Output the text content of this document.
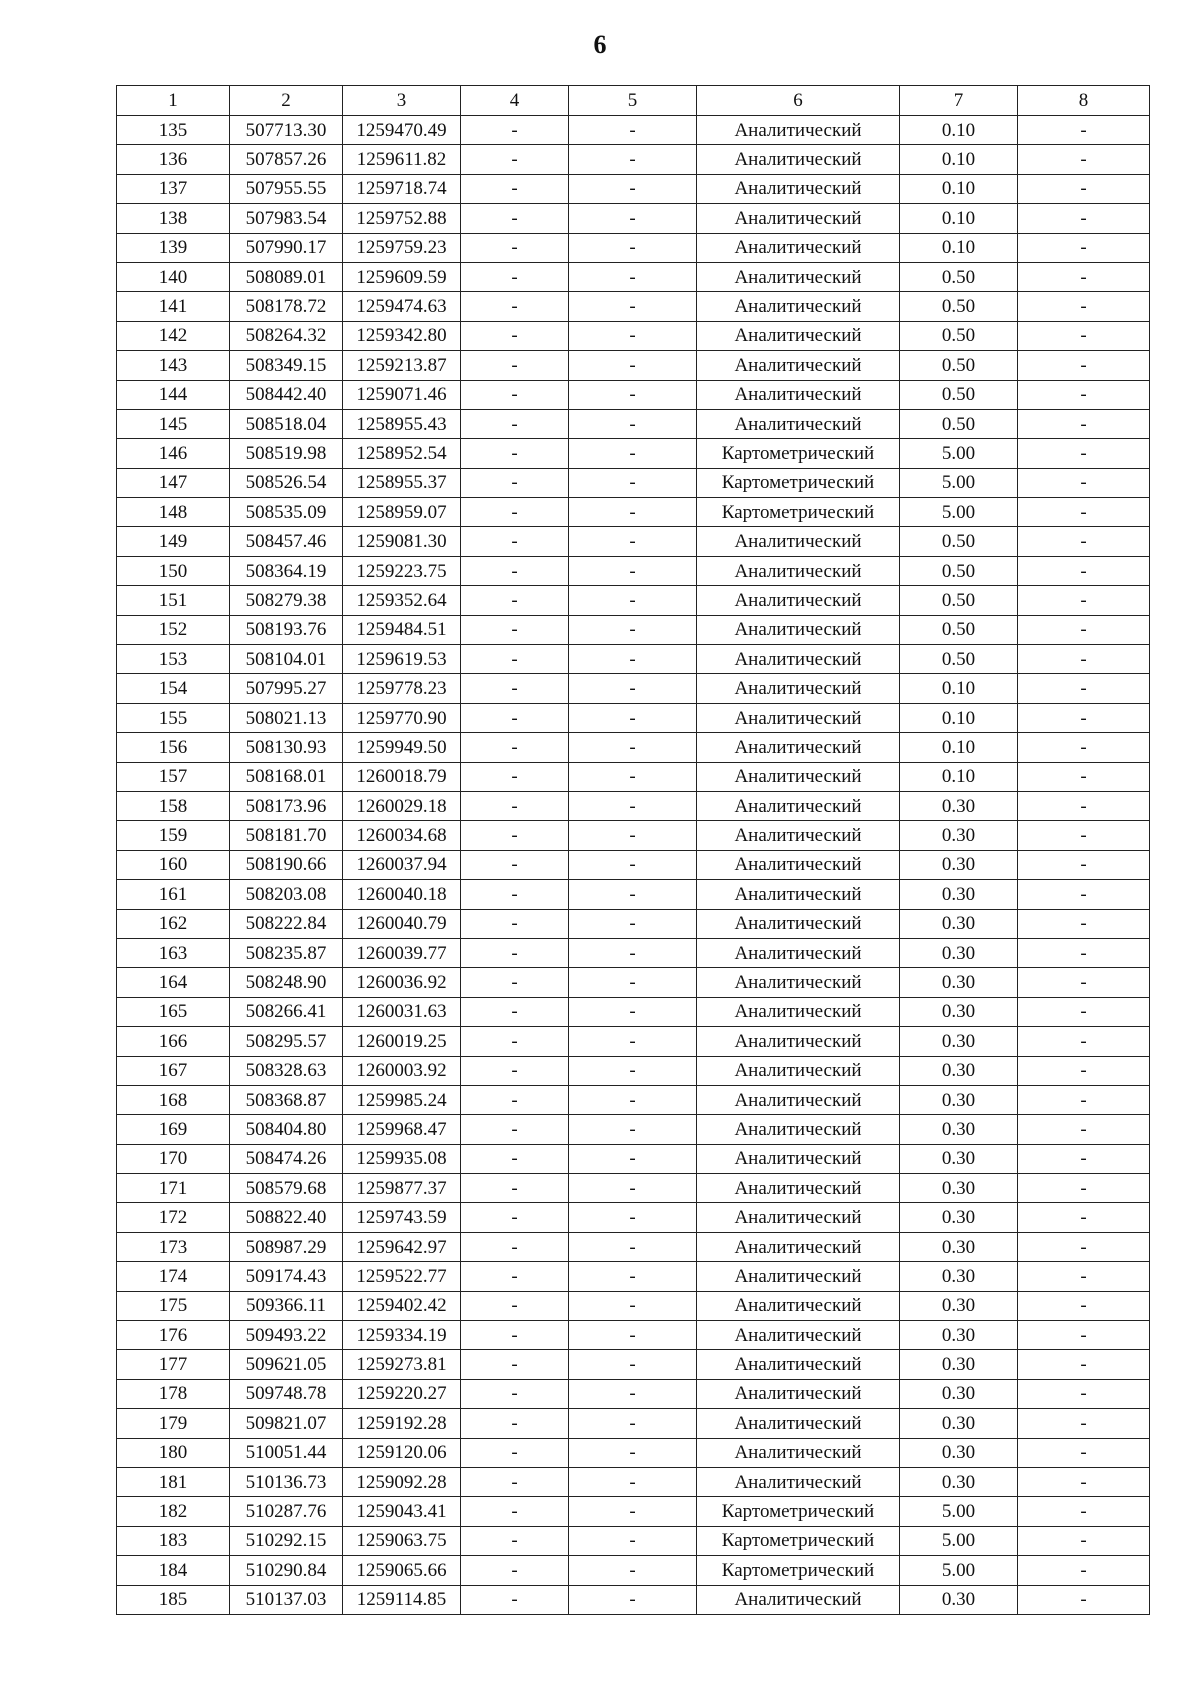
6
1	2	3	4	5	6	7	8
135	507713.30	1259470.49	-	-	Аналитический	0.10	-
136	507857.26	1259611.82	-	-	Аналитический	0.10	-
137	507955.55	1259718.74	-	-	Аналитический	0.10	-
138	507983.54	1259752.88	-	-	Аналитический	0.10	-
139	507990.17	1259759.23	-	-	Аналитический	0.10	-
140	508089.01	1259609.59	-	-	Аналитический	0.50	-
141	508178.72	1259474.63	-	-	Аналитический	0.50	-
142	508264.32	1259342.80	-	-	Аналитический	0.50	-
143	508349.15	1259213.87	-	-	Аналитический	0.50	-
144	508442.40	1259071.46	-	-	Аналитический	0.50	-
145	508518.04	1258955.43	-	-	Аналитический	0.50	-
146	508519.98	1258952.54	-	-	Картометрический	5.00	-
147	508526.54	1258955.37	-	-	Картометрический	5.00	-
148	508535.09	1258959.07	-	-	Картометрический	5.00	-
149	508457.46	1259081.30	-	-	Аналитический	0.50	-
150	508364.19	1259223.75	-	-	Аналитический	0.50	-
151	508279.38	1259352.64	-	-	Аналитический	0.50	-
152	508193.76	1259484.51	-	-	Аналитический	0.50	-
153	508104.01	1259619.53	-	-	Аналитический	0.50	-
154	507995.27	1259778.23	-	-	Аналитический	0.10	-
155	508021.13	1259770.90	-	-	Аналитический	0.10	-
156	508130.93	1259949.50	-	-	Аналитический	0.10	-
157	508168.01	1260018.79	-	-	Аналитический	0.10	-
158	508173.96	1260029.18	-	-	Аналитический	0.30	-
159	508181.70	1260034.68	-	-	Аналитический	0.30	-
160	508190.66	1260037.94	-	-	Аналитический	0.30	-
161	508203.08	1260040.18	-	-	Аналитический	0.30	-
162	508222.84	1260040.79	-	-	Аналитический	0.30	-
163	508235.87	1260039.77	-	-	Аналитический	0.30	-
164	508248.90	1260036.92	-	-	Аналитический	0.30	-
165	508266.41	1260031.63	-	-	Аналитический	0.30	-
166	508295.57	1260019.25	-	-	Аналитический	0.30	-
167	508328.63	1260003.92	-	-	Аналитический	0.30	-
168	508368.87	1259985.24	-	-	Аналитический	0.30	-
169	508404.80	1259968.47	-	-	Аналитический	0.30	-
170	508474.26	1259935.08	-	-	Аналитический	0.30	-
171	508579.68	1259877.37	-	-	Аналитический	0.30	-
172	508822.40	1259743.59	-	-	Аналитический	0.30	-
173	508987.29	1259642.97	-	-	Аналитический	0.30	-
174	509174.43	1259522.77	-	-	Аналитический	0.30	-
175	509366.11	1259402.42	-	-	Аналитический	0.30	-
176	509493.22	1259334.19	-	-	Аналитический	0.30	-
177	509621.05	1259273.81	-	-	Аналитический	0.30	-
178	509748.78	1259220.27	-	-	Аналитический	0.30	-
179	509821.07	1259192.28	-	-	Аналитический	0.30	-
180	510051.44	1259120.06	-	-	Аналитический	0.30	-
181	510136.73	1259092.28	-	-	Аналитический	0.30	-
182	510287.76	1259043.41	-	-	Картометрический	5.00	-
183	510292.15	1259063.75	-	-	Картометрический	5.00	-
184	510290.84	1259065.66	-	-	Картометрический	5.00	-
185	510137.03	1259114.85	-	-	Аналитический	0.30	-
